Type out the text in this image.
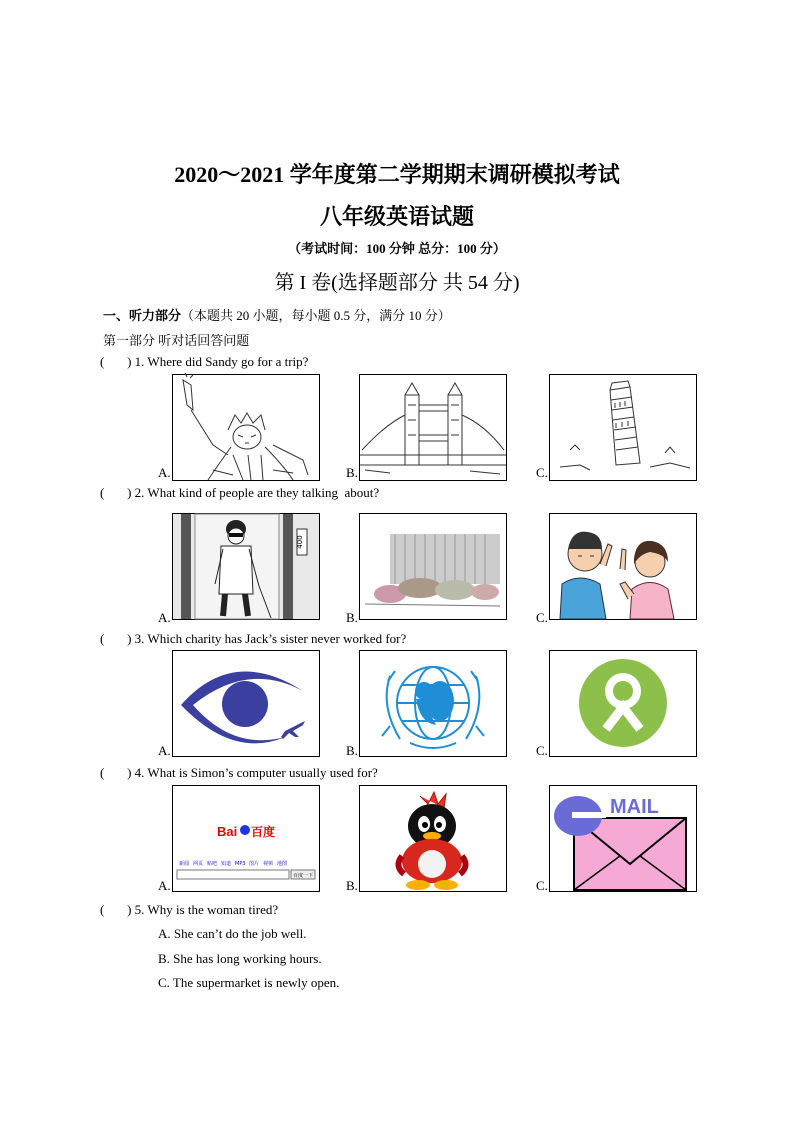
2020～2021 学年度第二学期期末调研模拟考试
八年级英语试题
（考试时间：100 分钟 总分：100 分）
第 I 卷(选择题部分 共 54 分)
一、听力部分（本题共 20 小题，每小题 0.5 分，满分 10 分）
第一部分 听对话回答问题
(       ) 1. Where did Sandy go for a trip?
A.	B.	C.
(       ) 2. What kind of people are they talking  about?
A.	B.	C.
400
(       ) 3. Which charity has Jack’s sister never worked for?
A.	B.	C.
(       ) 4. What is Simon’s computer usually used for?
A.	B.	C.
Bai 百度
新闻 网页 贴吧 知道 MP3 图片 视频 地图
百度一下
MAIL
e
(       ) 5. Why is the woman tired?
A. She can’t do the job well.
B. She has long working hours.
C. The supermarket is newly open.
